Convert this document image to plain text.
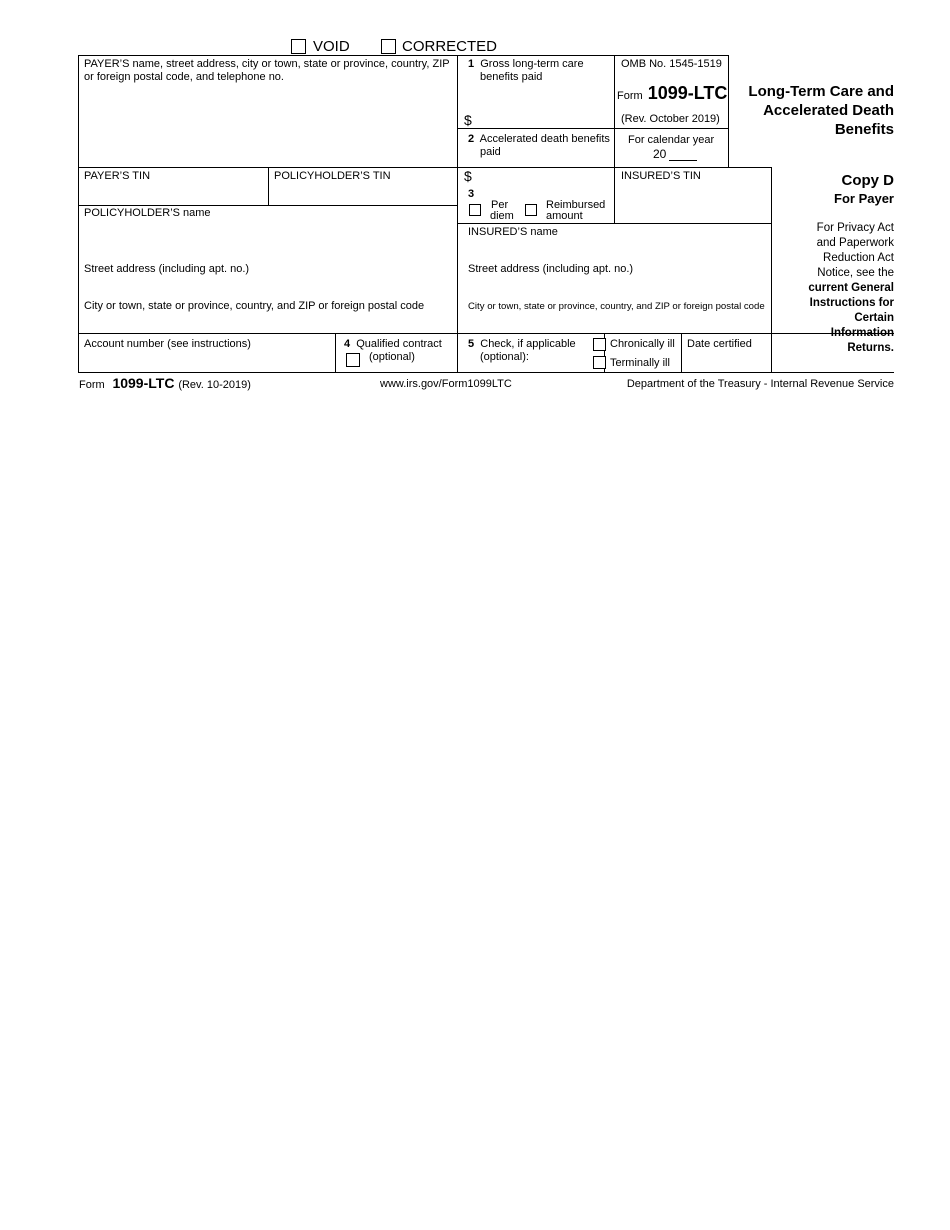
VOID	CORRECTED
PAYER’S name, street address, city or town, state or province, country, ZIP
or foreign postal code, and telephone no.
PAYER’S TIN	POLICYHOLDER’S TIN
POLICYHOLDER’S name
Street address (including apt. no.)
City or town, state or province, country, and ZIP or foreign postal code
Account number (see instructions)	4 Qualified contract
(optional)
1 Gross long-term care
benefits paid
$
2 Accelerated death benefits
paid
$
3
Per
diem
Reimbursed
amount
OMB No. 1545-1519
Form 1099-LTC
(Rev. October 2019)
For calendar year
20
Long-Term Care and
Accelerated Death
Benefits
INSURED’S TIN
INSURED’S name
Street address (including apt. no.)
City or town, state or province, country, and ZIP or foreign postal code
5 Check, if applicable
(optional):
Chronically ill
Terminally ill
Date certified
Copy D
For Payer
For Privacy Act
and Paperwork
Reduction Act
Notice, see the
current General
Instructions for
Certain
Information
Returns.
Form 1099-LTC (Rev. 10-2019)	www.irs.gov/Form1099LTC	Department of the Treasury - Internal Revenue Service
